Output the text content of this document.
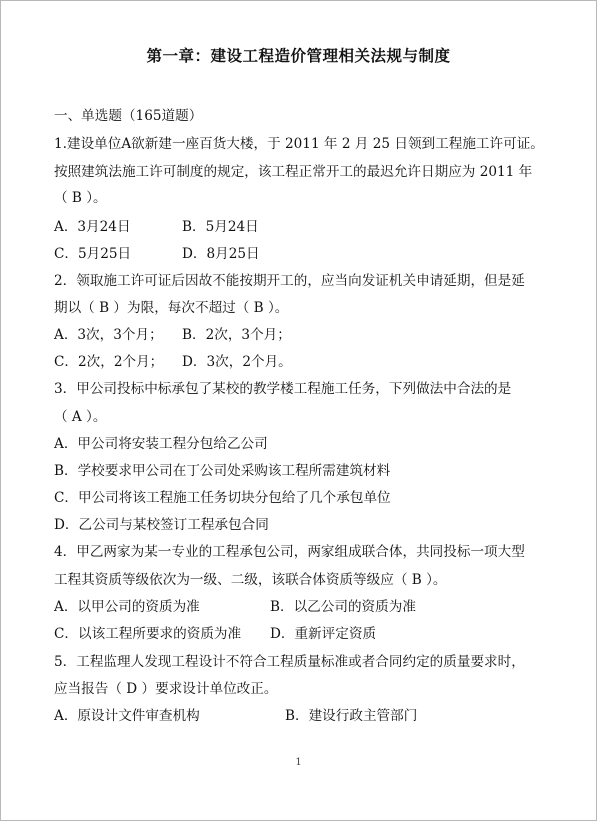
第一章：建设工程造价管理相关法规与制度
一、单选题（165道题）
1.建设单位A欲新建一座百货大楼，于 2011 年 2 月 25 日领到工程施工许可证。
按照建筑法施工许可制度的规定，该工程正常开工的最迟允许日期应为 2011 年
（ B ）。
A．3月24日	B．5月24日
C．5月25日	D．8月25日
2．领取施工许可证后因故不能按期开工的，应当向发证机关申请延期，但是延
期以（ B ）为限，每次不超过（ B ）。
A．3次，3个月； B．2次，3个月；
C．2次，2个月； D．3次，2个月。
3．甲公司投标中标承包了某校的教学楼工程施工任务，下列做法中合法的是
（ A ）。
A．甲公司将安装工程分包给乙公司
B．学校要求甲公司在丁公司处采购该工程所需建筑材料
C．甲公司将该工程施工任务切块分包给了几个承包单位
D．乙公司与某校签订工程承包合同
4．甲乙两家为某一专业的工程承包公司，两家组成联合体，共同投标一项大型
工程其资质等级依次为一级、二级，该联合体资质等级应（ B ）。
A．以甲公司的资质为准	B．以乙公司的资质为准
C．以该工程所要求的资质为准 D．重新评定资质
5．工程监理人发现工程设计不符合工程质量标准或者合同约定的质量要求时，
应当报告（ D ）要求设计单位改正。
A．原设计文件审查机构	B．建设行政主管部门
1
